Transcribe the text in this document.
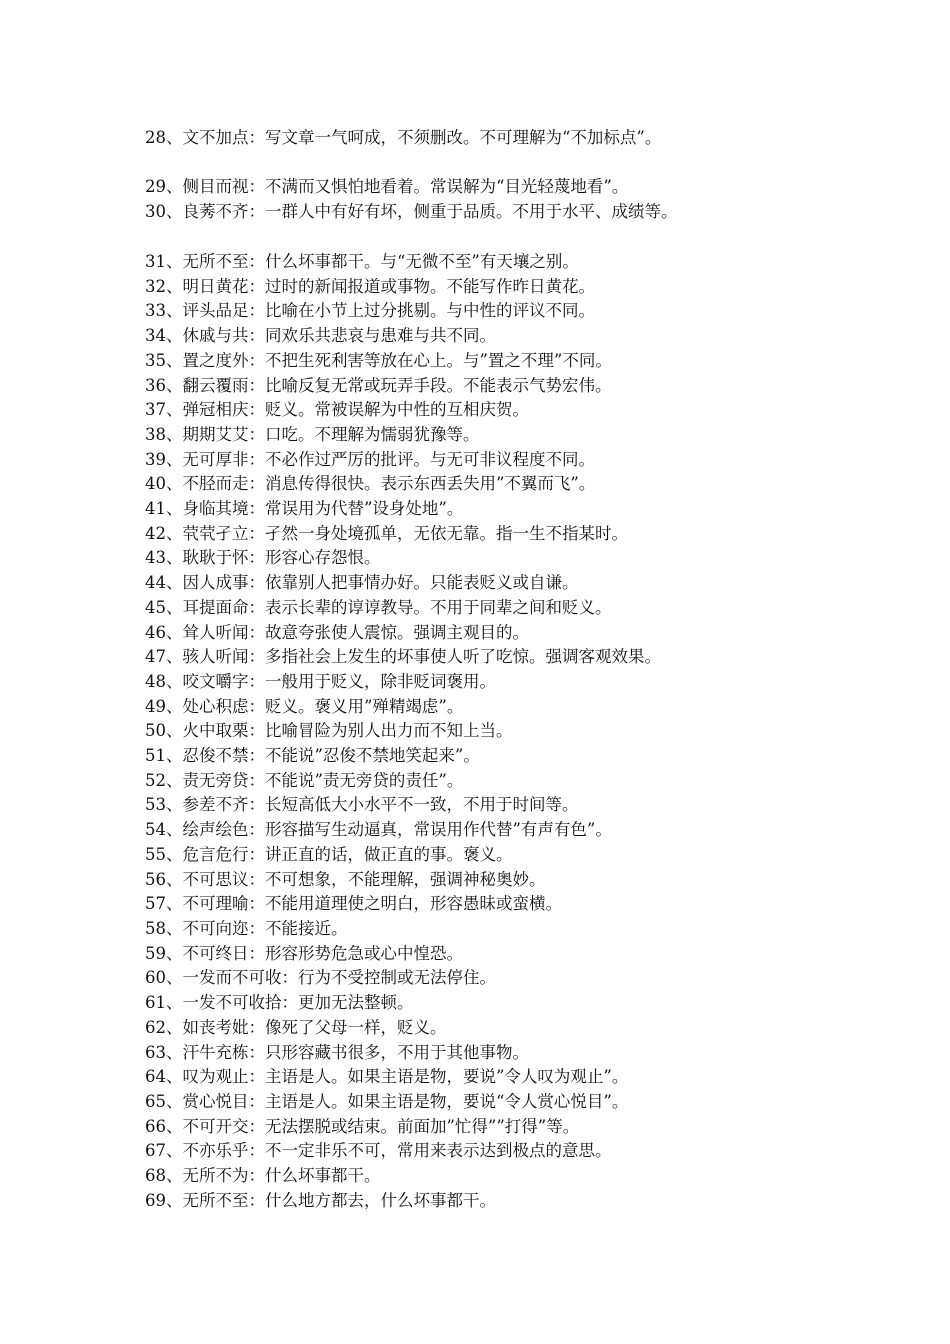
28、文不加点：写文章一气呵成，不须删改。不可理解为“不加标点”。
29、侧目而视：不满而又惧怕地看着。常误解为“目光轻蔑地看”。
30、良莠不齐：一群人中有好有坏，侧重于品质。不用于水平、成绩等。
31、无所不至：什么坏事都干。与“无微不至”有天壤之别。
32、明日黄花：过时的新闻报道或事物。不能写作昨日黄花。
33、评头品足：比喻在小节上过分挑剔。与中性的评议不同。
34、休戚与共：同欢乐共悲哀与患难与共不同。
35、置之度外：不把生死利害等放在心上。与”置之不理”不同。
36、翻云覆雨：比喻反复无常或玩弄手段。不能表示气势宏伟。
37、弹冠相庆：贬义。常被误解为中性的互相庆贺。
38、期期艾艾：口吃。不理解为懦弱犹豫等。
39、无可厚非：不必作过严厉的批评。与无可非议程度不同。
40、不胫而走：消息传得很快。表示东西丢失用”不翼而飞”。
41、身临其境：常误用为代替”设身处地”。
42、茕茕孑立：孑然一身处境孤单，无依无靠。指一生不指某时。
43、耿耿于怀：形容心存怨恨。
44、因人成事：依靠别人把事情办好。只能表贬义或自谦。
45、耳提面命：表示长辈的谆谆教导。不用于同辈之间和贬义。
46、耸人听闻：故意夸张使人震惊。强调主观目的。
47、骇人听闻：多指社会上发生的坏事使人听了吃惊。强调客观效果。
48、咬文嚼字：一般用于贬义，除非贬词褒用。
49、处心积虑：贬义。褒义用”殚精竭虑”。
50、火中取栗：比喻冒险为别人出力而不知上当。
51、忍俊不禁：不能说”忍俊不禁地笑起来”。
52、责无旁贷：不能说”责无旁贷的责任”。
53、参差不齐：长短高低大小水平不一致，不用于时间等。
54、绘声绘色：形容描写生动逼真，常误用作代替”有声有色”。
55、危言危行：讲正直的话，做正直的事。褒义。
56、不可思议：不可想象，不能理解，强调神秘奥妙。
57、不可理喻：不能用道理使之明白，形容愚昧或蛮横。
58、不可向迩：不能接近。
59、不可终日：形容形势危急或心中惶恐。
60、一发而不可收：行为不受控制或无法停住。
61、一发不可收拾：更加无法整顿。
62、如丧考妣：像死了父母一样，贬义。
63、汗牛充栋：只形容藏书很多，不用于其他事物。
64、叹为观止：主语是人。如果主语是物，要说”令人叹为观止”。
65、赏心悦目：主语是人。如果主语是物，要说“令人赏心悦目”。
66、不可开交：无法摆脱或结束。前面加”忙得””打得”等。
67、不亦乐乎：不一定非乐不可，常用来表示达到极点的意思。
68、无所不为：什么坏事都干。
69、无所不至：什么地方都去，什么坏事都干。
